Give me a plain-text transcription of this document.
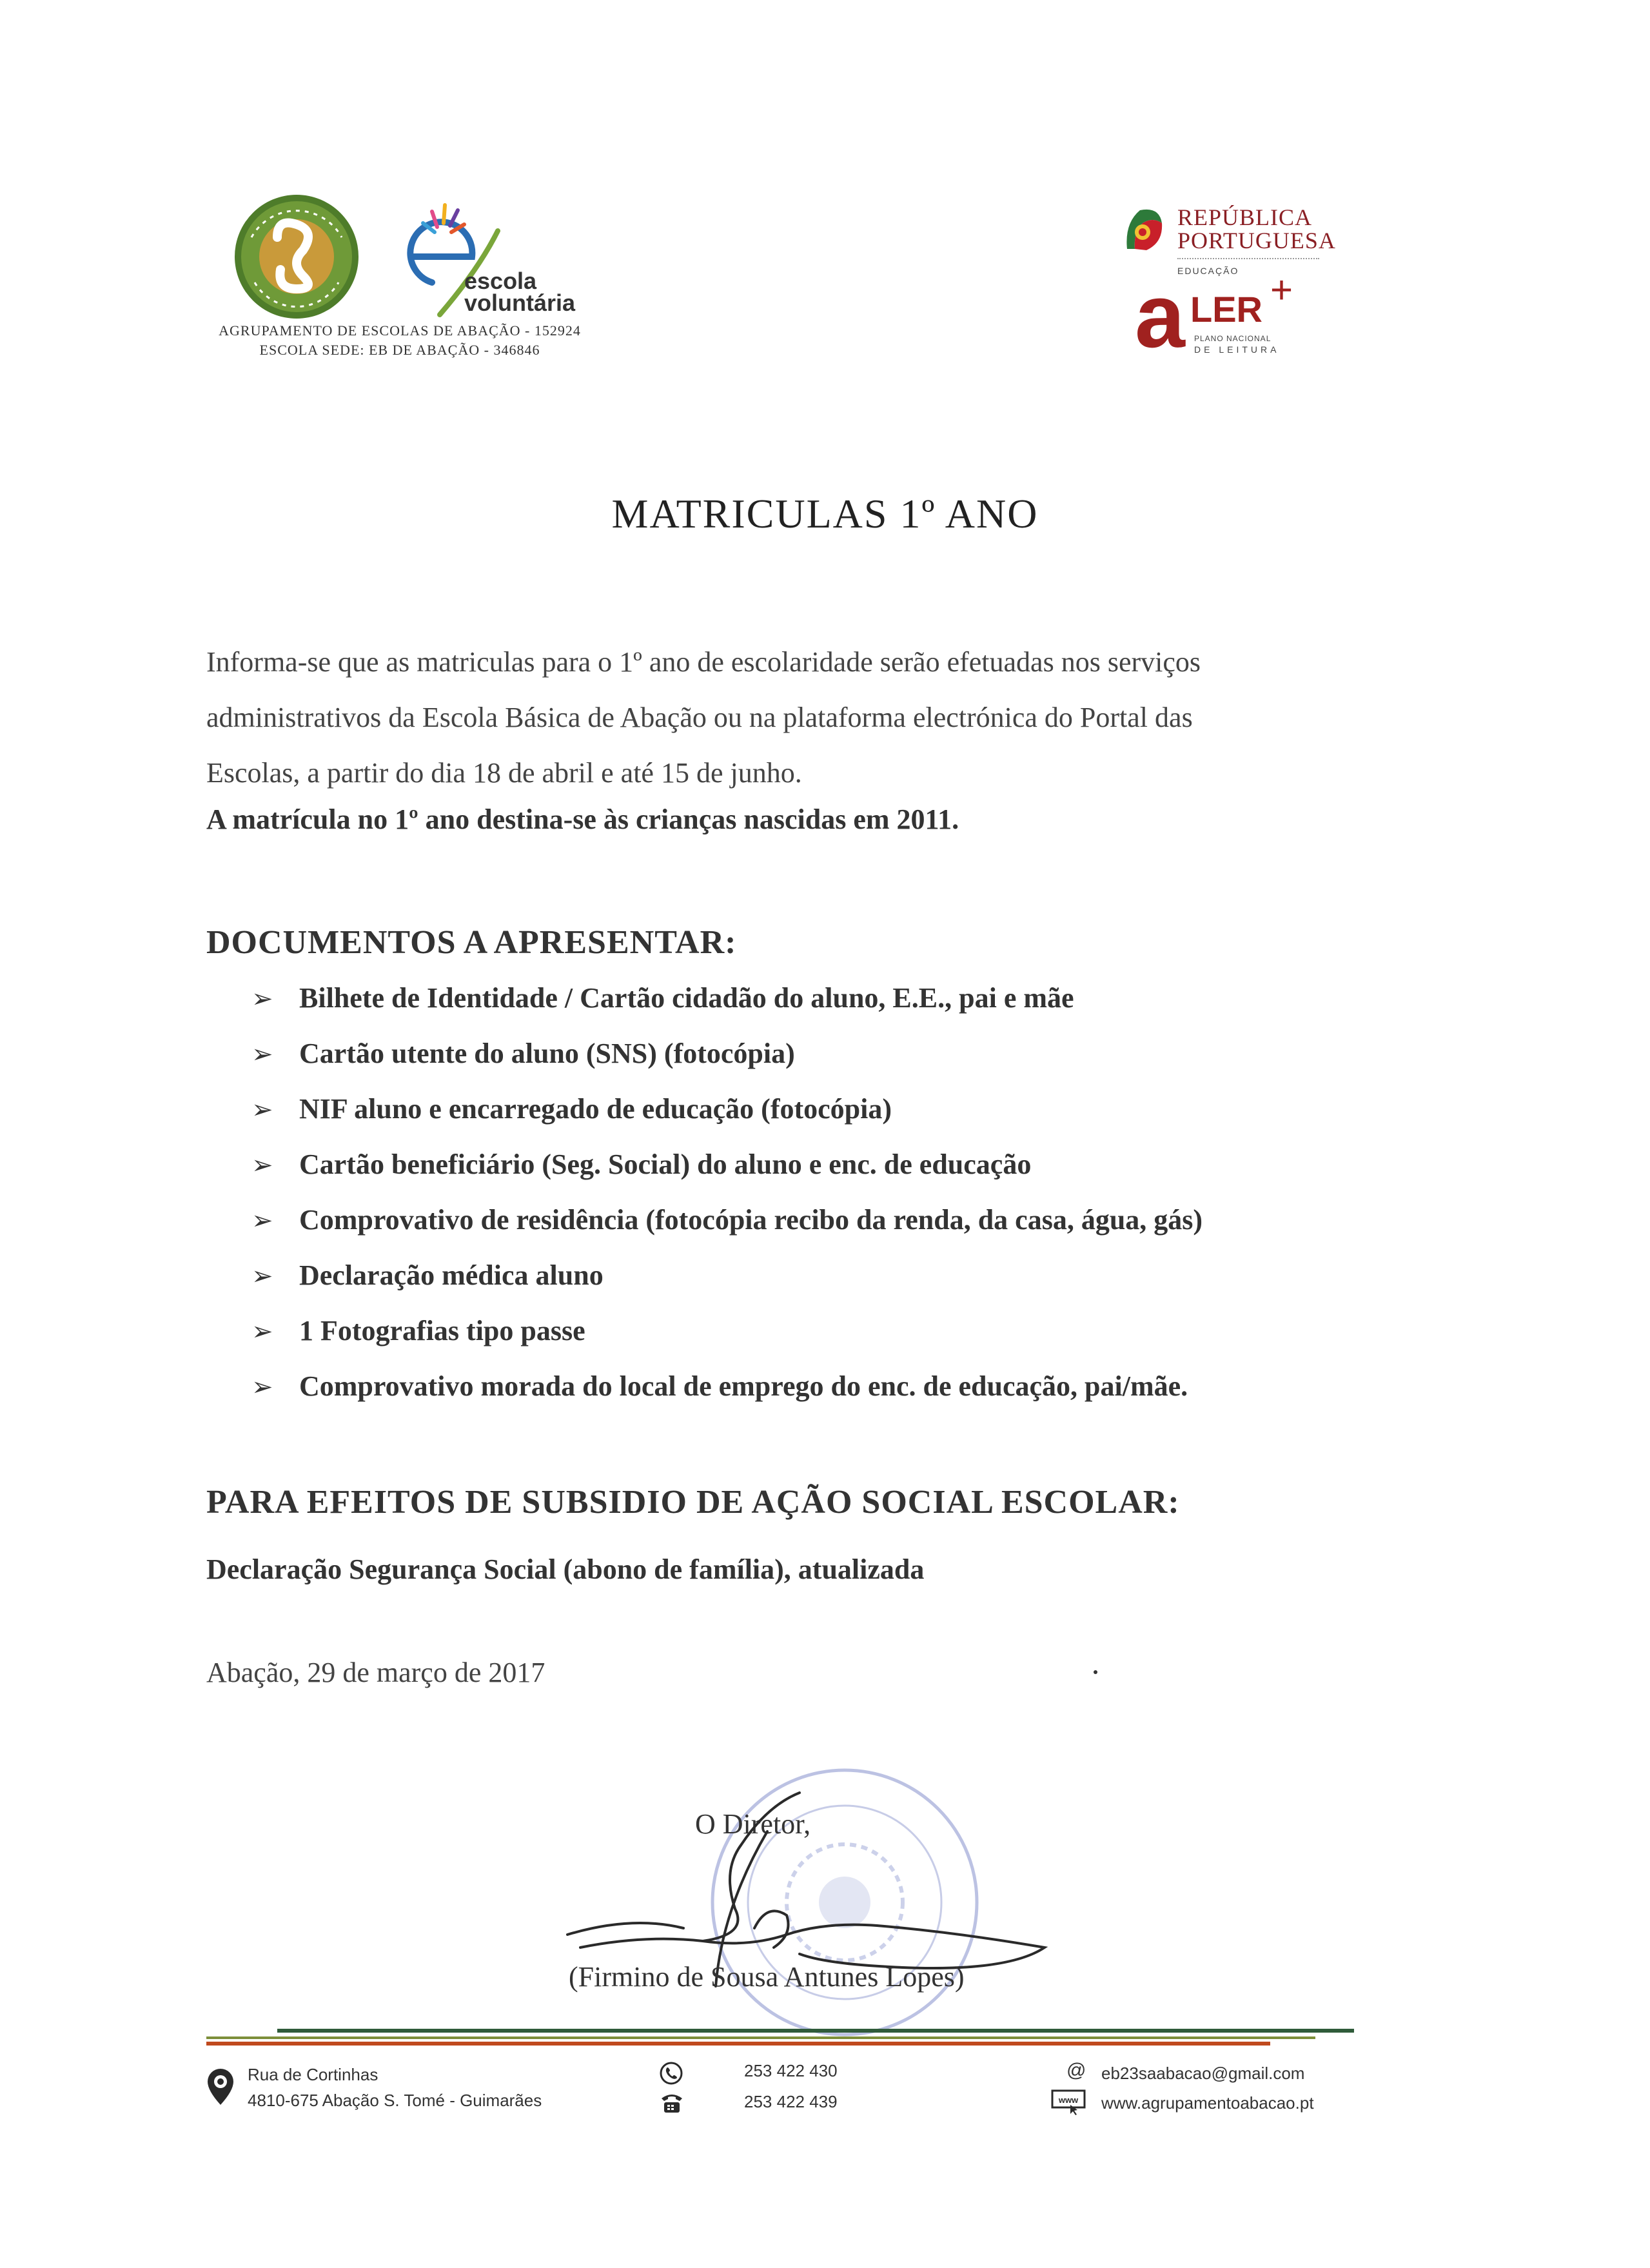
escola
voluntária
AGRUPAMENTO DE ESCOLAS DE ABAÇÃO - 152924
ESCOLA SEDE: EB DE ABAÇÃO - 346846
REPÚBLICA
PORTUGUESA
EDUCAÇÃO
a LER +
PLANO NACIONAL
DE LEITURA
MATRICULAS 1º ANO
Informa-se que as matriculas para o 1º ano de escolaridade serão efetuadas nos serviços
administrativos da Escola Básica de Abação ou na plataforma electrónica do Portal das
Escolas, a partir do dia 18 de abril e até 15 de junho.
A matrícula no 1º ano destina-se às crianças nascidas em 2011.
DOCUMENTOS A APRESENTAR:
➢ Bilhete de Identidade / Cartão cidadão do aluno, E.E., pai e mãe
➢ Cartão utente do aluno (SNS) (fotocópia)
➢ NIF aluno e encarregado de educação (fotocópia)
➢ Cartão beneficiário (Seg. Social) do aluno e enc. de educação
➢ Comprovativo de residência (fotocópia recibo da renda, da casa, água, gás)
➢ Declaração médica aluno
➢ 1 Fotografias tipo passe
➢ Comprovativo morada do local de emprego do enc. de educação, pai/mãe.
PARA EFEITOS DE SUBSIDIO DE AÇÃO SOCIAL ESCOLAR:
Declaração Segurança Social (abono de família), atualizada
Abação, 29 de março de 2017
O Diretor,
(Firmino de Sousa Antunes Lopes)
Rua de Cortinhas
4810-675 Abação S. Tomé - Guimarães
253 422 430
253 422 439
@ eb23saabacao@gmail.com
www www.agrupamentoabacao.pt
